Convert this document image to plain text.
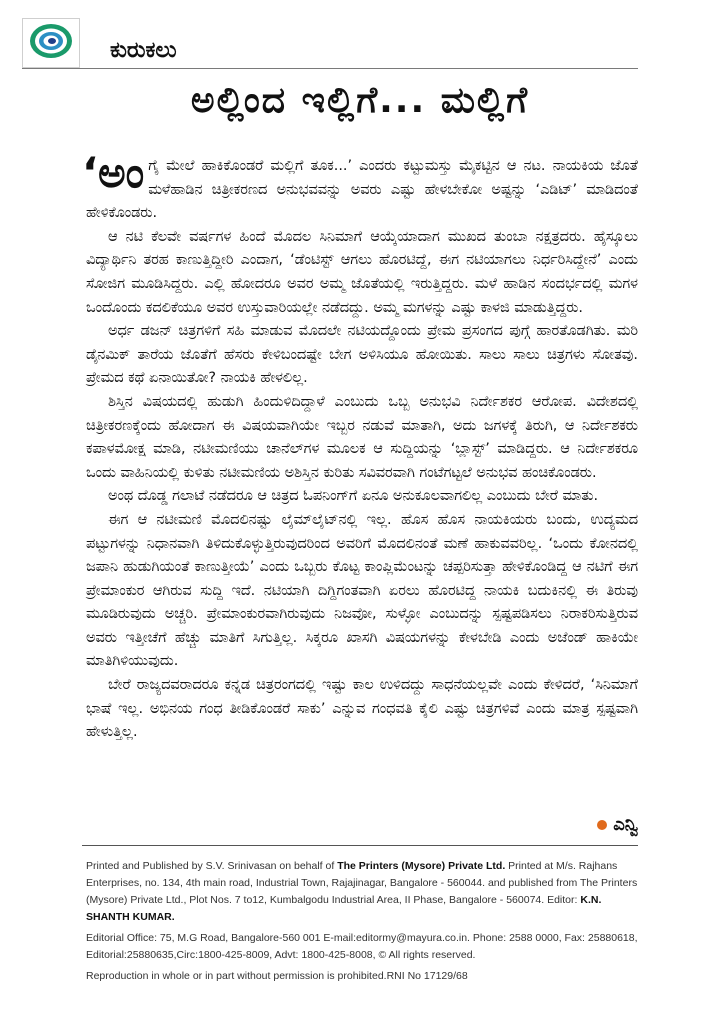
ಕುರುಕಲು
ಅಲ್ಲಿಂದ ಇಲ್ಲಿಗೆ... ಮಲ್ಲಿಗೆ

‘ಅಂಗೈ ಮೇಲೆ ಹಾಕಿಕೊಂಡರೆ ಮಲ್ಲಿಗೆ ತೂಕ...’ ಎಂದರು ಕಟ್ಟುಮಸ್ತು ಮೈಕಟ್ಟಿನ ಆ ನಟ. ನಾಯಕಿಯ ಜೊತೆ ಮಳೆಹಾಡಿನ ಚಿತ್ರೀಕರಣದ ಅನುಭವವನ್ನು ಅವರು ಎಷ್ಟು ಹೇಳಬೇಕೋ ಅಷ್ಟನ್ನು ‘ಎಡಿಟ್’ ಮಾಡಿದಂತೆ ಹೇಳಿಕೊಂಡರು.

ಆ ನಟಿ ಕೆಲವೇ ವರ್ಷಗಳ ಹಿಂದೆ ಮೊದಲ ಸಿನಿಮಾಗೆ ಆಯ್ಕೆಯಾದಾಗ ಮುಖದ ತುಂಬಾ ನಕ್ಷತ್ರದರು. ಹೈಸ್ಕೂಲು ವಿದ್ಯಾರ್ಥಿನಿ ತರಹ ಕಾಣುತ್ತಿದ್ದೀರಿ ಎಂದಾಗ, ‘ಡೆಂಟಿಸ್ಟ್ ಆಗಲು ಹೊರಟಿದ್ದೆ, ಈಗ ನಟಿಯಾಗಲು ನಿರ್ಧರಿಸಿದ್ದೇನೆ’ ಎಂದು ಸೋಜಿಗ ಮೂಡಿಸಿದ್ದರು. ಎಲ್ಲಿ ಹೋದರೂ ಅವರ ಅಮ್ಮ ಜೊತೆಯಲ್ಲಿ ಇರುತ್ತಿದ್ದರು. ಮಳೆ ಹಾಡಿನ ಸಂದರ್ಭದಲ್ಲಿ ಮಗಳ ಒಂದೊಂದು ಕದಲಿಕೆಯೂ ಅವರ ಉಸ್ತುವಾರಿಯಲ್ಲೇ ನಡೆದದ್ದು. ಅಮ್ಮ ಮಗಳನ್ನು ಎಷ್ಟು ಕಾಳಜಿ ಮಾಡುತ್ತಿದ್ದರು.

ಅರ್ಧ ಡಜನ್ ಚಿತ್ರಗಳಿಗೆ ಸಹಿ ಮಾಡುವ ಮೊದಲೇ ನಟಿಯದ್ದೊಂದು ಪ್ರೇಮ ಪ್ರಸಂಗದ ಪುಗ್ಗೆ ಹಾರತೊಡಗಿತು. ಮರಿ ಡೈನಮಿಕ್ ತಾರೆಯ ಜೊತೆಗೆ ಹೆಸರು ಕೇಳಿಬಂದಷ್ಟೇ ಬೇಗ ಅಳಿಸಿಯೂ ಹೋಯಿತು. ಸಾಲು ಸಾಲು ಚಿತ್ರಗಳು ಸೋತವು. ಪ್ರೇಮದ ಕಥೆ ಏನಾಯಿತೋ? ನಾಯಕಿ ಹೇಳಲಿಲ್ಲ.

ಶಿಸ್ತಿನ ವಿಷಯದಲ್ಲಿ ಹುಡುಗಿ ಹಿಂದುಳಿದಿದ್ದಾಳೆ ಎಂಬುದು ಒಬ್ಬ ಅನುಭವಿ ನಿರ್ದೇಶಕರ ಆರೋಪ. ವಿದೇಶದಲ್ಲಿ ಚಿತ್ರೀಕರಣಕ್ಕೆಂದು ಹೋದಾಗ ಈ ವಿಷಯವಾಗಿಯೇ ಇಬ್ಬರ ನಡುವೆ ಮಾತಾಗಿ, ಅದು ಜಗಳಕ್ಕೆ ತಿರುಗಿ, ಆ ನಿರ್ದೇಶಕರು ಕಪಾಳಮೋಕ್ಷ ಮಾಡಿ, ನಟೀಮಣಿಯು ಚಾನೆಲ್‌ಗಳ ಮೂಲಕ ಆ ಸುದ್ದಿಯನ್ನು ‘ಬ್ಲಾಸ್ಟ್’ ಮಾಡಿದ್ದರು. ಆ ನಿರ್ದೇಶಕರೂ ಒಂದು ವಾಹಿನಿಯಲ್ಲಿ ಕುಳಿತು ನಟೀಮಣಿಯ ಅಶಿಸ್ತಿನ ಕುರಿತು ಸವಿವರವಾಗಿ ಗಂಟೆಗಟ್ಟಲೆ ಅನುಭವ ಹಂಚಿಕೊಂಡರು.

ಅಂಥ ದೊಡ್ಡ ಗಲಾಟೆ ನಡೆದರೂ ಆ ಚಿತ್ರದ ಓಪನಿಂಗ್‌ಗೆ ಏನೂ ಅನುಕೂಲವಾಗಲಿಲ್ಲ ಎಂಬುದು ಬೇರೆ ಮಾತು.

ಈಗ ಆ ನಟೀಮಣಿ ಮೊದಲಿನಷ್ಟು ಲೈಮ್‌ಲೈಟ್‌ನಲ್ಲಿ ಇಲ್ಲ. ಹೊಸ ಹೊಸ ನಾಯಕಿಯರು ಬಂದು, ಉದ್ಯಮದ ಪಟ್ಟುಗಳನ್ನು ನಿಧಾನವಾಗಿ ತಿಳಿದುಕೊಳ್ಳುತ್ತಿರುವುದರಿಂದ ಅವರಿಗೆ ಮೊದಲಿನಂತೆ ಮಣೆ ಹಾಕುವವರಿಲ್ಲ. ‘ಒಂದು ಕೋನದಲ್ಲಿ ಜಪಾನಿ ಹುಡುಗಿಯಂತೆ ಕಾಣುತ್ತೀಯೆ’ ಎಂದು ಒಬ್ಬರು ಕೊಟ್ಟ ಕಾಂಪ್ಲಿಮೆಂಟನ್ನು ಚಪ್ಪರಿಸುತ್ತಾ ಹೇಳಿಕೊಂಡಿದ್ದ ಆ ನಟಿಗೆ ಈಗ ಪ್ರೇಮಾಂಕುರ ಆಗಿರುವ ಸುದ್ದಿ ಇದೆ. ನಟಿಯಾಗಿ ದಿಗ್ದಿಗಂತವಾಗಿ ಏರಲು ಹೊರಟಿದ್ದ ನಾಯಕಿ ಬದುಕಿನಲ್ಲಿ ಈ ತಿರುವು ಮೂಡಿರುವುದು ಅಚ್ಚರಿ. ಪ್ರೇಮಾಂಕುರವಾಗಿರುವುದು ನಿಜವೋ, ಸುಳ್ಳೋ ಎಂಬುದನ್ನು ಸ್ಪಷ್ಟಪಡಿಸಲು ನಿರಾಕರಿಸುತ್ತಿರುವ ಅವರು ಇತ್ತೀಚೆಗೆ ಹೆಚ್ಚು ಮಾತಿಗೆ ಸಿಗುತ್ತಿಲ್ಲ. ಸಿಕ್ಕರೂ ಖಾಸಗಿ ವಿಷಯಗಳನ್ನು ಕೇಳಬೇಡಿ ಎಂದು ಅಜೆಂಡ್ ಹಾಕಿಯೇ ಮಾತಿಗಿಳಿಯುವುದು.

ಬೇರೆ ರಾಜ್ಯದವರಾದರೂ ಕನ್ನಡ ಚಿತ್ರರಂಗದಲ್ಲಿ ಇಷ್ಟು ಕಾಲ ಉಳಿದದ್ದು ಸಾಧನೆಯಲ್ಲವೇ ಎಂದು ಕೇಳಿದರೆ, ‘ಸಿನಿಮಾಗೆ ಭಾಷೆ ಇಲ್ಲ. ಅಭಿನಯ ಗಂಧ ತೀಡಿಕೊಂಡರೆ ಸಾಕು’ ಎನ್ನುವ ಗಂಧವತಿ ಕೈಲಿ ಎಷ್ಟು ಚಿತ್ರಗಳಿವೆ ಎಂದು ಮಾತ್ರ ಸ್ಪಷ್ಟವಾಗಿ ಹೇಳುತ್ತಿಲ್ಲ.

ಎನ್ವಿ

Printed and Published by S.V. Srinivasan on behalf of The Printers (Mysore) Private Ltd. Printed at M/s. Rajhans Enterprises, no. 134, 4th main road, Industrial Town, Rajajinagar, Bangalore - 560044. and published from The Printers (Mysore) Private Ltd., Plot Nos. 7 to12, Kumbalgodu Industrial Area, II Phase, Bangalore - 560074. Editor: K.N. SHANTH KUMAR.

Editorial Office: 75, M.G Road, Bangalore-560 001 E-mail:editormy@mayura.co.in. Phone: 2588 0000, Fax: 25880618, Editorial:25880635,Circ:1800-425-8009, Advt: 1800-425-8008, © All rights reserved.

Reproduction in whole or in part without permission is prohibited.RNI No 17129/68
